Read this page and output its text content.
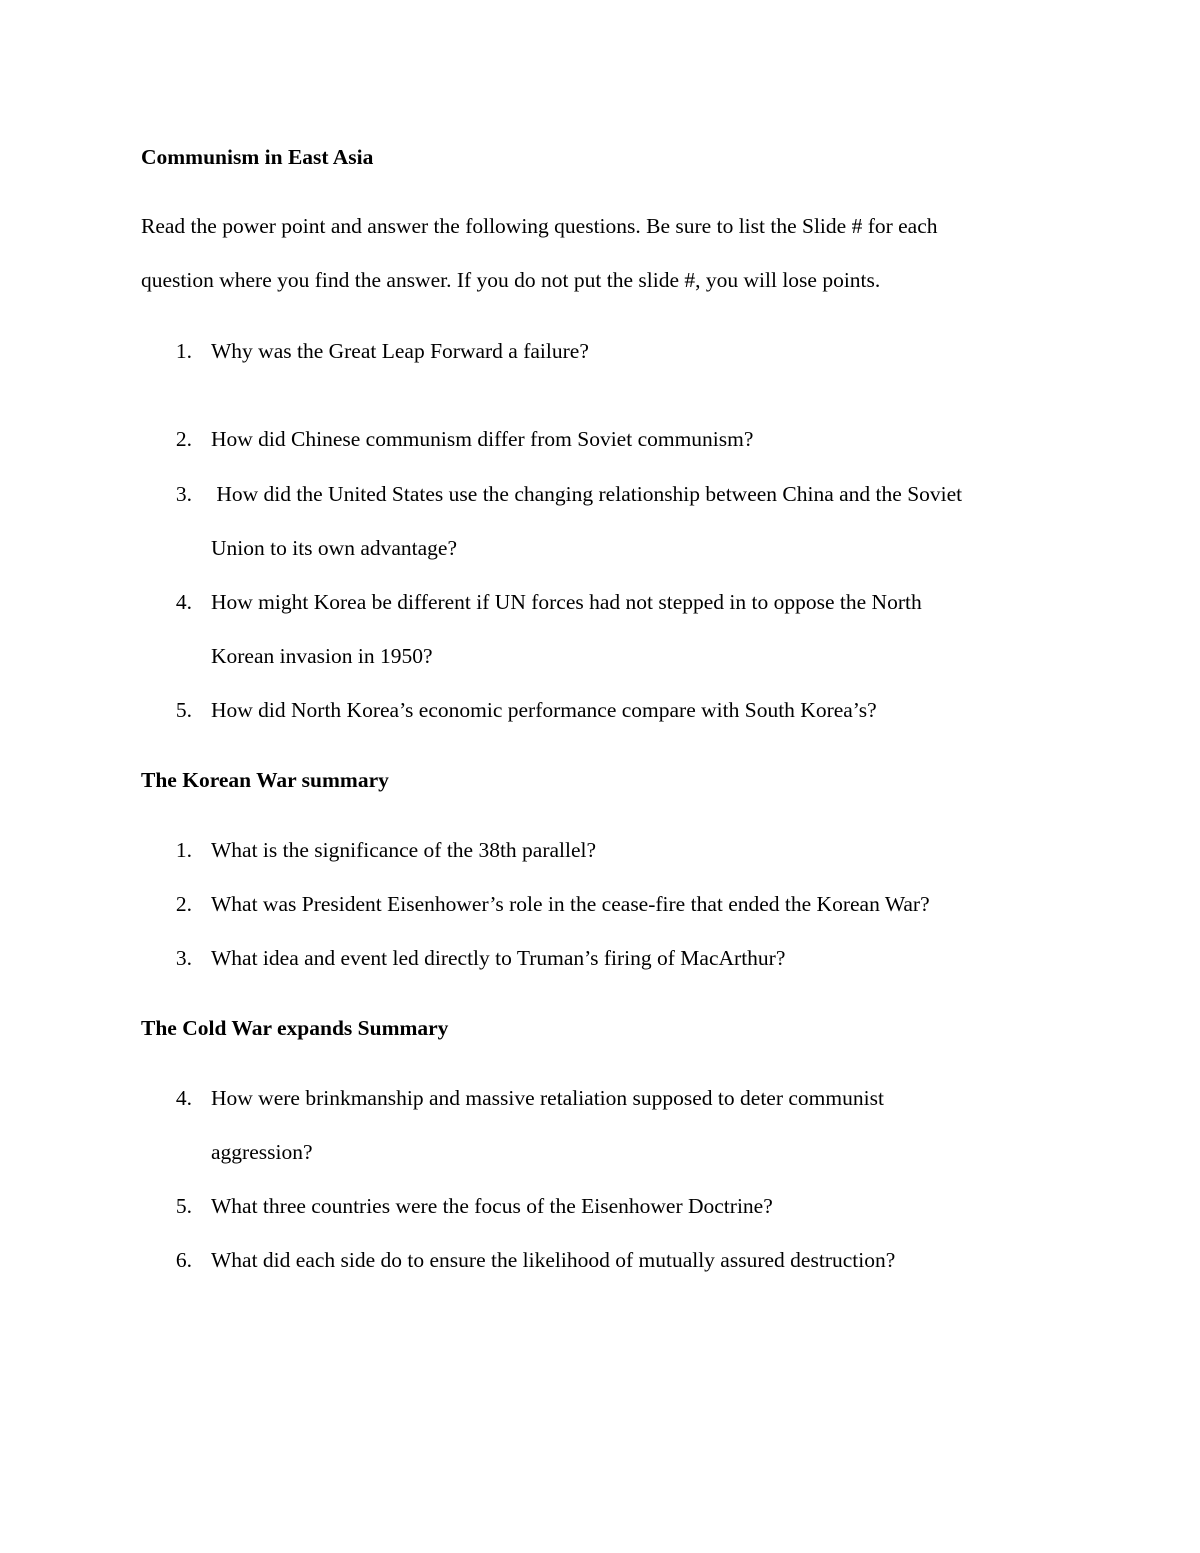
Communism in East Asia
Read the power point and answer the following questions. Be sure to list the Slide # for each
question where you find the answer. If you do not put the slide #, you will lose points.
1. Why was the Great Leap Forward a failure?
2. How did Chinese communism differ from Soviet communism?
3. How did the United States use the changing relationship between China and the Soviet
Union to its own advantage?
4. How might Korea be different if UN forces had not stepped in to oppose the North
Korean invasion in 1950?
5. How did North Korea’s economic performance compare with South Korea’s?
The Korean War summary
1. What is the significance of the 38th parallel?
2. What was President Eisenhower’s role in the cease-fire that ended the Korean War?
3. What idea and event led directly to Truman’s firing of MacArthur?
The Cold War expands Summary
4. How were brinkmanship and massive retaliation supposed to deter communist
aggression?
5. What three countries were the focus of the Eisenhower Doctrine?
6. What did each side do to ensure the likelihood of mutually assured destruction?
